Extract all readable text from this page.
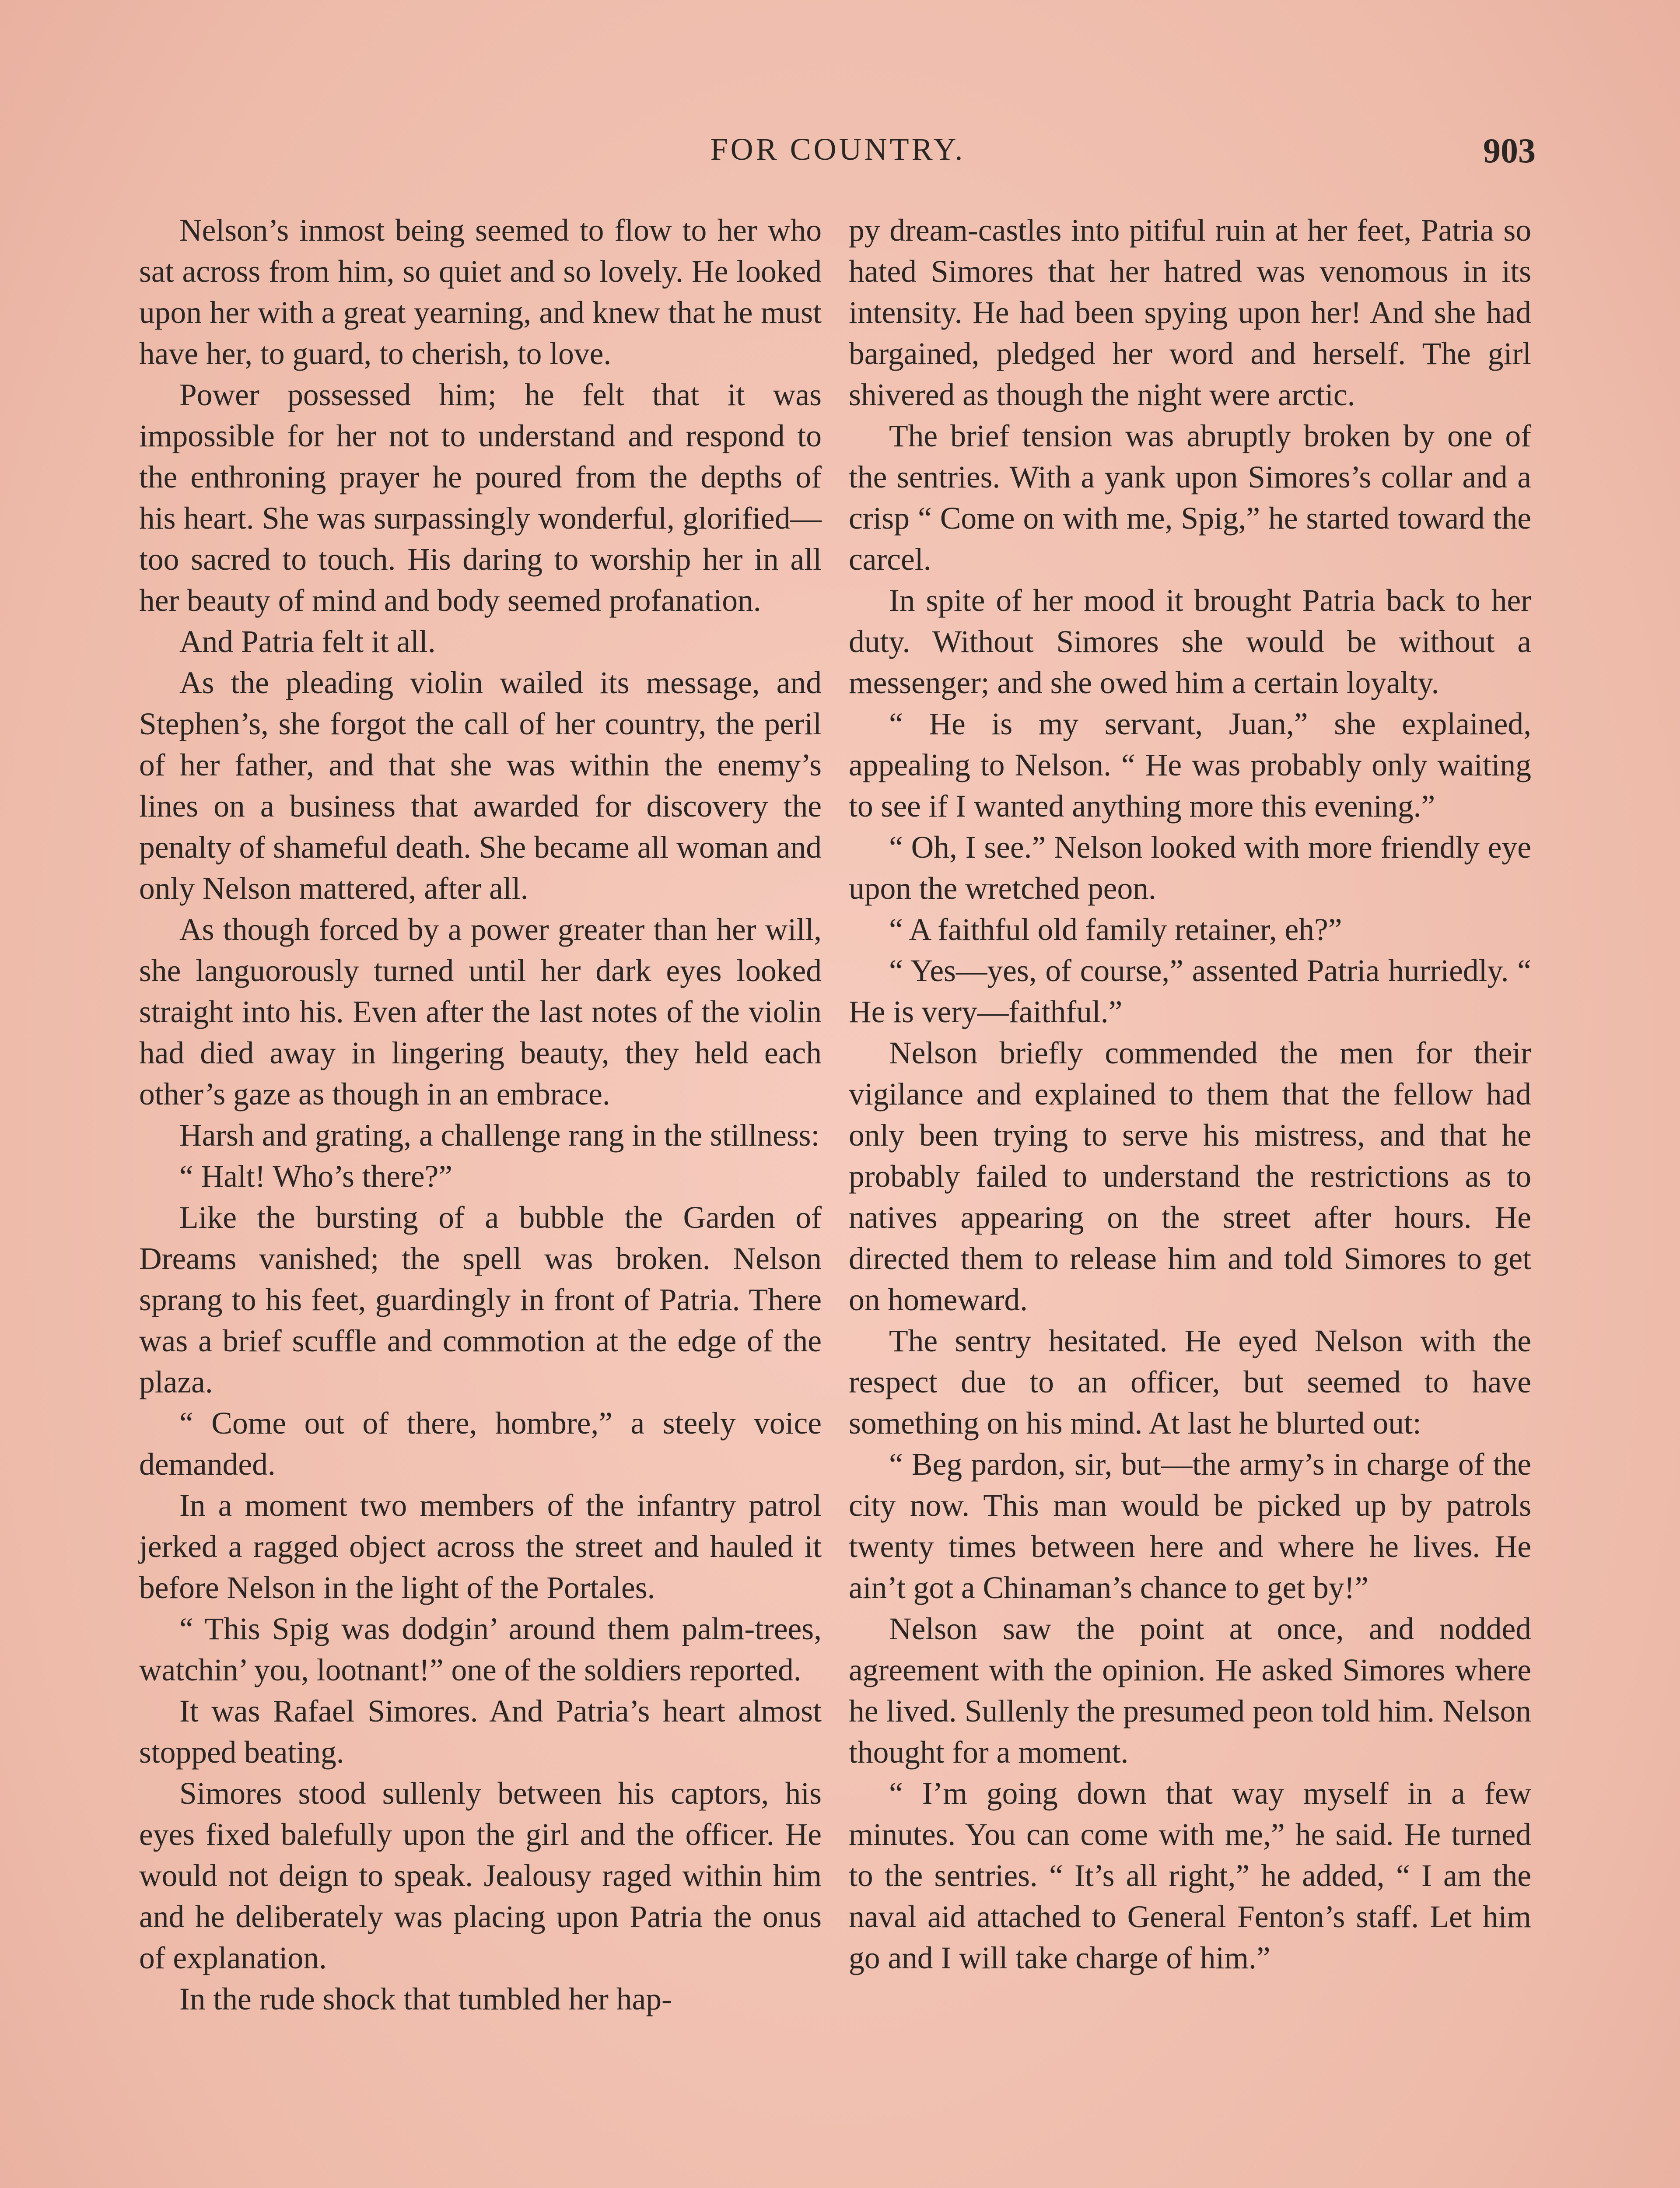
FOR COUNTRY.	903

Nelson’s inmost being seemed to flow to her who sat across from him, so quiet and so lovely. He looked upon her with a great yearning, and knew that he must have her, to guard, to cherish, to love.

Power possessed him; he felt that it was impossible for her not to understand and respond to the enthroning prayer he poured from the depths of his heart. She was surpassingly wonderful, glorified—too sacred to touch. His daring to worship her in all her beauty of mind and body seemed profanation.

And Patria felt it all.

As the pleading violin wailed its message, and Stephen’s, she forgot the call of her country, the peril of her father, and that she was within the enemy’s lines on a business that awarded for discovery the penalty of shameful death. She became all woman and only Nelson mattered, after all.

As though forced by a power greater than her will, she languorously turned until her dark eyes looked straight into his. Even after the last notes of the violin had died away in lingering beauty, they held each other’s gaze as though in an embrace.

Harsh and grating, a challenge rang in the stillness:

“ Halt! Who’s there?”

Like the bursting of a bubble the Garden of Dreams vanished; the spell was broken. Nelson sprang to his feet, guardingly in front of Patria. There was a brief scuffle and commotion at the edge of the plaza.

“ Come out of there, hombre,” a steely voice demanded.

In a moment two members of the infantry patrol jerked a ragged object across the street and hauled it before Nelson in the light of the Portales.

“ This Spig was dodgin’ around them palm-trees, watchin’ you, lootnant!” one of the soldiers reported.

It was Rafael Simores. And Patria’s heart almost stopped beating.

Simores stood sullenly between his captors, his eyes fixed balefully upon the girl and the officer. He would not deign to speak. Jealousy raged within him and he deliberately was placing upon Patria the onus of explanation.

In the rude shock that tumbled her hap-

py dream-castles into pitiful ruin at her feet, Patria so hated Simores that her hatred was venomous in its intensity. He had been spying upon her! And she had bargained, pledged her word and herself. The girl shivered as though the night were arctic.

The brief tension was abruptly broken by one of the sentries. With a yank upon Simores’s collar and a crisp “ Come on with me, Spig,” he started toward the carcel.

In spite of her mood it brought Patria back to her duty. Without Simores she would be without a messenger; and she owed him a certain loyalty.

“ He is my servant, Juan,” she explained, appealing to Nelson. “ He was probably only waiting to see if I wanted anything more this evening.”

“ Oh, I see.” Nelson looked with more friendly eye upon the wretched peon.

“ A faithful old family retainer, eh?”

“ Yes—yes, of course,” assented Patria hurriedly. “ He is very—faithful.”

Nelson briefly commended the men for their vigilance and explained to them that the fellow had only been trying to serve his mistress, and that he probably failed to understand the restrictions as to natives appearing on the street after hours. He directed them to release him and told Simores to get on homeward.

The sentry hesitated. He eyed Nelson with the respect due to an officer, but seemed to have something on his mind. At last he blurted out:

“ Beg pardon, sir, but—the army’s in charge of the city now. This man would be picked up by patrols twenty times between here and where he lives. He ain’t got a Chinaman’s chance to get by!”

Nelson saw the point at once, and nodded agreement with the opinion. He asked Simores where he lived. Sullenly the presumed peon told him. Nelson thought for a moment.

“ I’m going down that way myself in a few minutes. You can come with me,” he said. He turned to the sentries. “ It’s all right,” he added, “ I am the naval aid attached to General Fenton’s staff. Let him go and I will take charge of him.”
